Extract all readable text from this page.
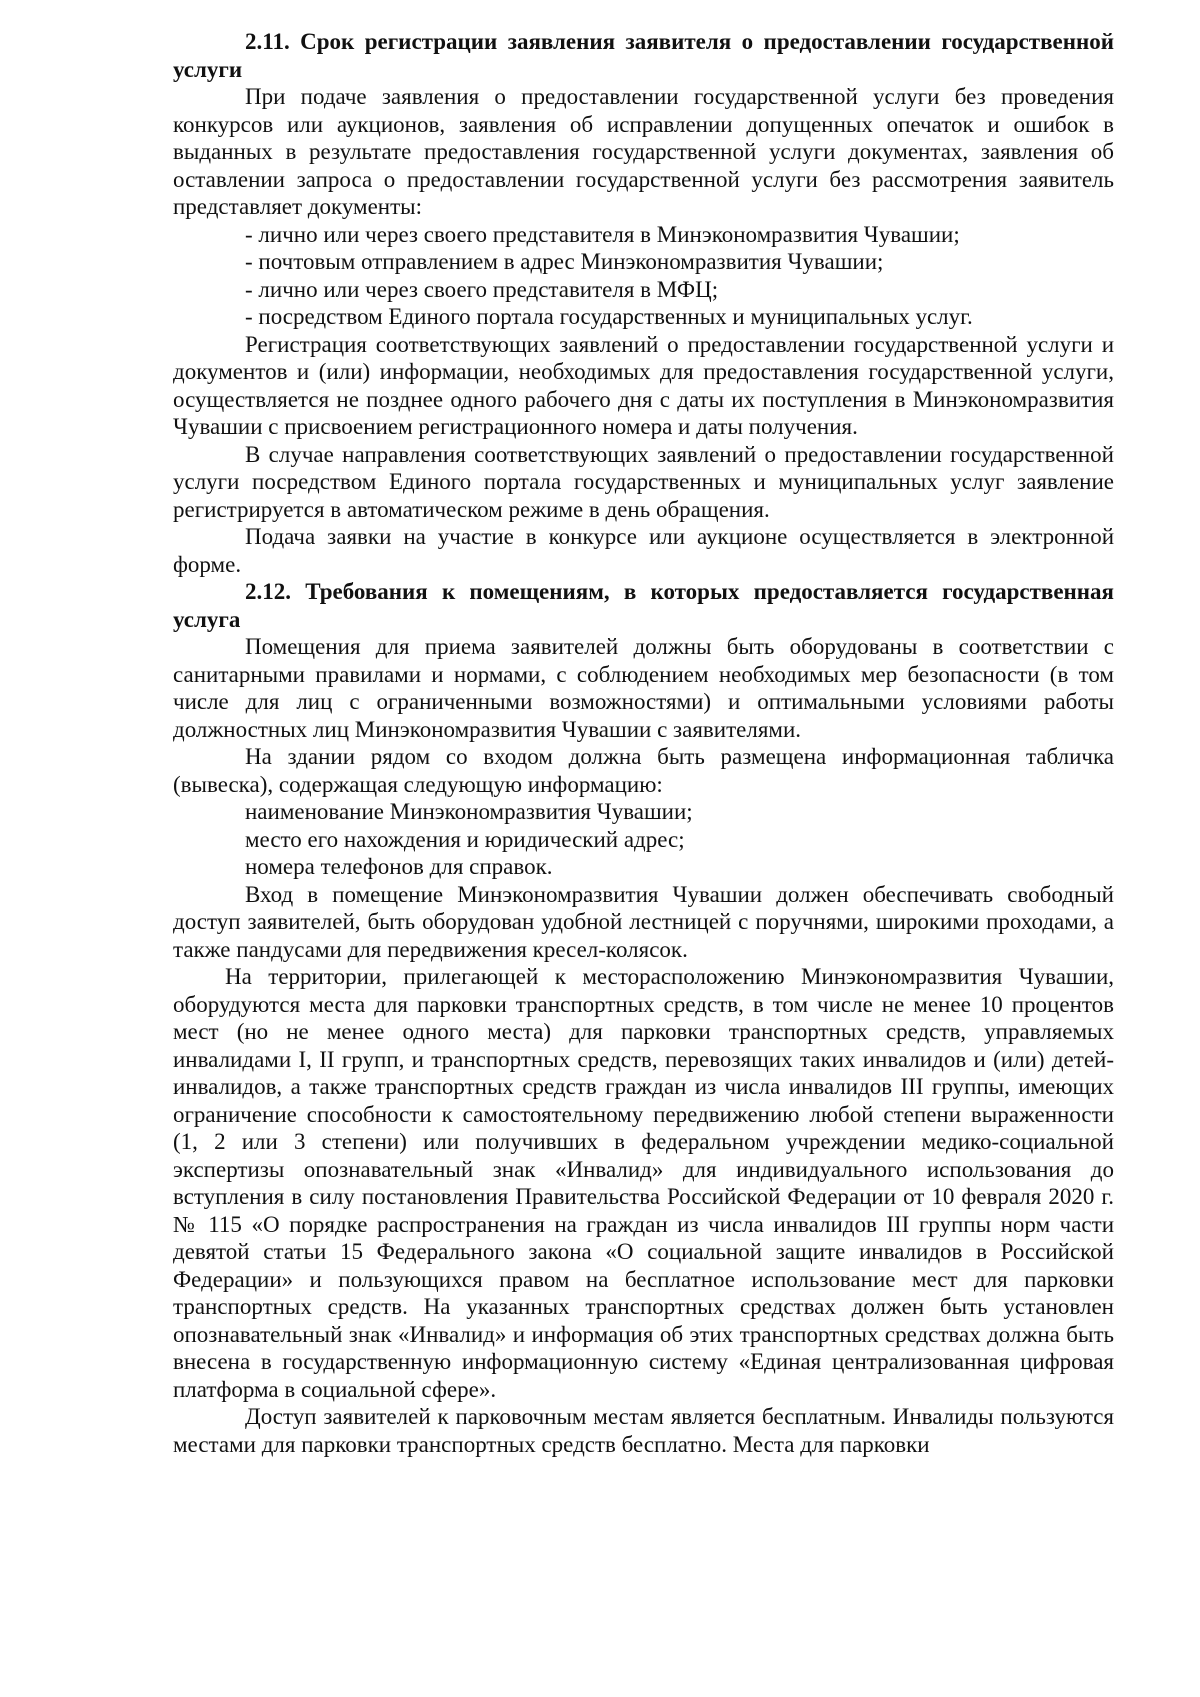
2.11. Срок регистрации заявления заявителя о предоставлении государственной услуги

При подаче заявления о предоставлении государственной услуги без проведения конкурсов или аукционов, заявления об исправлении допущенных опечаток и ошибок в выданных в результате предоставления государственной услуги документах, заявления об оставлении запроса о предоставлении государственной услуги без рассмотрения заявитель представляет документы:

- лично или через своего представителя в Минэкономразвития Чувашии;

- почтовым отправлением в адрес Минэкономразвития Чувашии;

- лично или через своего представителя в МФЦ;

- посредством Единого портала государственных и муниципальных услуг.

Регистрация соответствующих заявлений о предоставлении государственной услуги и документов и (или) информации, необходимых для предоставления государственной услуги, осуществляется не позднее одного рабочего дня с даты их поступления в Минэкономразвития Чувашии с присвоением регистрационного номера и даты получения.

В случае направления соответствующих заявлений о предоставлении государственной услуги посредством Единого портала государственных и муниципальных услуг заявление регистрируется в автоматическом режиме в день обращения.

Подача заявки на участие в конкурсе или аукционе осуществляется в электронной форме.

2.12. Требования к помещениям, в которых предоставляется государственная услуга

Помещения для приема заявителей должны быть оборудованы в соответствии с санитарными правилами и нормами, с соблюдением необходимых мер безопасности (в том числе для лиц с ограниченными возможностями) и оптимальными условиями работы должностных лиц Минэкономразвития Чувашии с заявителями.

На здании рядом со входом должна быть размещена информационная табличка (вывеска), содержащая следующую информацию:

наименование Минэкономразвития Чувашии;

место его нахождения и юридический адрес;

номера телефонов для справок.

Вход в помещение Минэкономразвития Чувашии должен обеспечивать свободный доступ заявителей, быть оборудован удобной лестницей с поручнями, широкими проходами, а также пандусами для передвижения кресел-колясок.

На территории, прилегающей к месторасположению Минэкономразвития Чувашии, оборудуются места для парковки транспортных средств, в том числе не менее 10 процентов мест (но не менее одного места) для парковки транспортных средств, управляемых инвалидами I, II групп, и транспортных средств, перевозящих таких инвалидов и (или) детей-инвалидов, а также транспортных средств граждан из числа инвалидов III группы, имеющих ограничение способности к самостоятельному передвижению любой степени выраженности (1, 2 или 3 степени) или получивших в федеральном учреждении медико-социальной экспертизы опознавательный знак «Инвалид» для индивидуального использования до вступления в силу постановления Правительства Российской Федерации от 10 февраля 2020 г. № 115 «О порядке распространения на граждан из числа инвалидов III группы норм части девятой статьи 15 Федерального закона «О социальной защите инвалидов в Российской Федерации» и пользующихся правом на бесплатное использование мест для парковки транспортных средств. На указанных транспортных средствах должен быть установлен опознавательный знак «Инвалид» и информация об этих транспортных средствах должна быть внесена в государственную информационную систему «Единая централизованная цифровая платформа в социальной сфере».

Доступ заявителей к парковочным местам является бесплатным. Инвалиды пользуются местами для парковки транспортных средств бесплатно. Места для парковки
